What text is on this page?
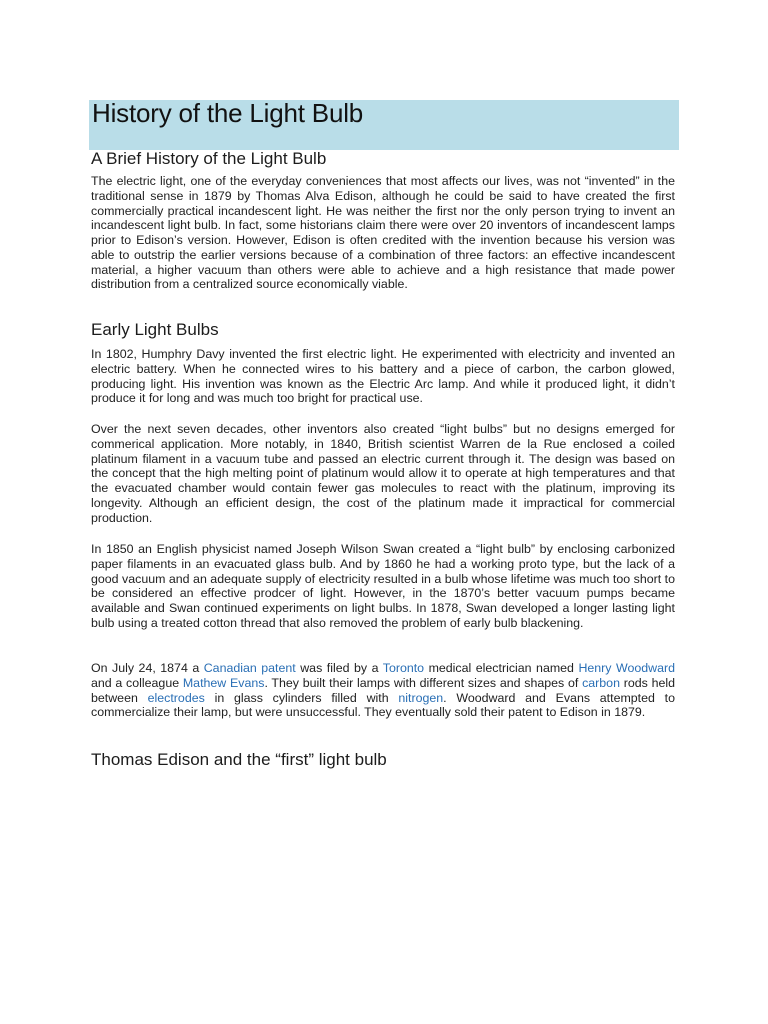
History of the Light Bulb
A Brief History of the Light Bulb

The electric light, one of the everyday conveniences that most affects our lives, was not “invented” in the traditional sense in 1879 by Thomas Alva Edison, although he could be said to have created the first commercially practical incandescent light. He was neither the first nor the only person trying to invent an incandescent light bulb. In fact, some historians claim there were over 20 inventors of incandescent lamps prior to Edison’s version. However, Edison is often credited with the invention because his version was able to outstrip the earlier versions because of a combination of three factors: an effective incandescent material, a higher vacuum than others were able to achieve and a high resistance that made power distribution from a centralized source economically viable.

Early Light Bulbs

In 1802, Humphry Davy invented the first electric light. He experimented with electricity and invented an electric battery. When he connected wires to his battery and a piece of carbon, the carbon glowed, producing light. His invention was known as the Electric Arc lamp. And while it produced light, it didn’t produce it for long and was much too bright for practical use.

Over the next seven decades, other inventors also created “light bulbs” but no designs emerged for commerical application. More notably, in 1840, British scientist Warren de la Rue enclosed a coiled platinum filament in a vacuum tube and passed an electric current through it. The design was based on the concept that the high melting point of platinum would allow it to operate at high temperatures and that the evacuated chamber would contain fewer gas molecules to react with the platinum, improving its longevity. Although an efficient design, the cost of the platinum made it impractical for commercial production.

In 1850 an English physicist named Joseph Wilson Swan created a “light bulb” by enclosing carbonized paper filaments in an evacuated glass bulb. And by 1860 he had a working proto type, but the lack of a good vacuum and an adequate supply of electricity resulted in a bulb whose lifetime was much too short to be considered an effective prodcer of light. However, in the 1870’s better vacuum pumps became available and Swan continued experiments on light bulbs. In 1878, Swan developed a longer lasting light bulb using a treated cotton thread that also removed the problem of early bulb blackening.

On July 24, 1874 a Canadian patent was filed by a Toronto medical electrician named Henry Woodward and a colleague Mathew Evans. They built their lamps with different sizes and shapes of carbon rods held between electrodes in glass cylinders filled with nitrogen. Woodward and Evans attempted to commercialize their lamp, but were unsuccessful. They eventually sold their patent to Edison in 1879.

Thomas Edison and the “first” light bulb
